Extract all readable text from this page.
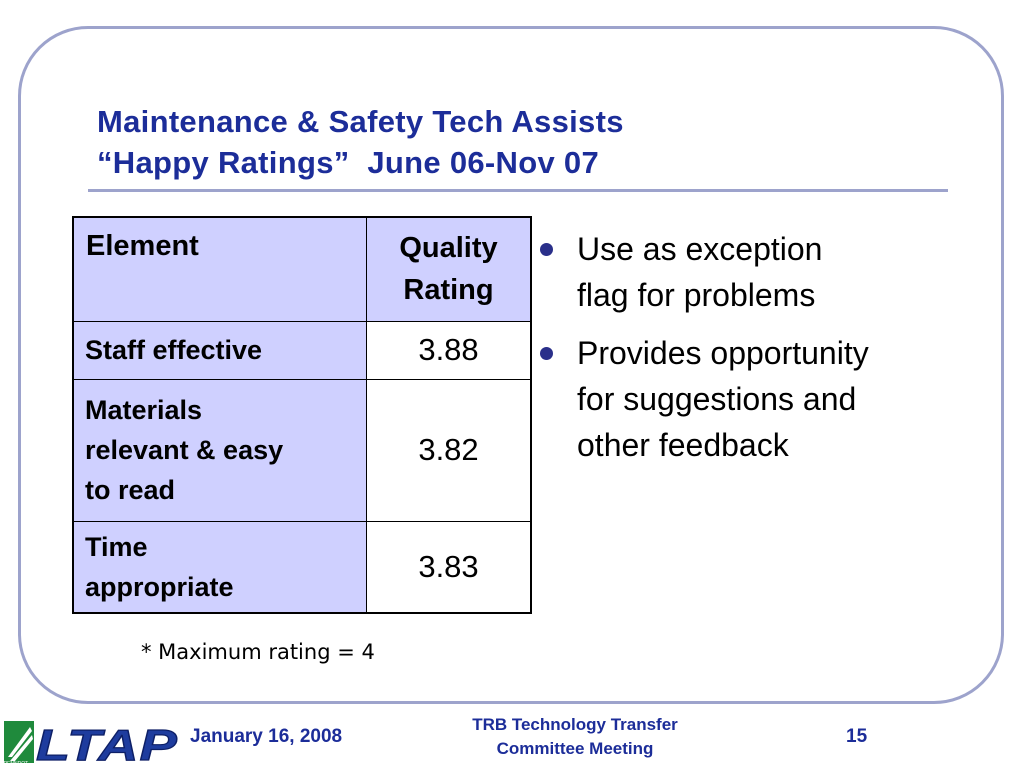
Maintenance & Safety Tech Assists
“Happy Ratings”  June 06-Nov 07
Element	Quality
Rating

Staff effective	3.88

Materials
relevant & easy
to read	3.82

Time
appropriate	3.83
Use as exception
flag for problems
Provides opportunity
for suggestions and
other feedback
* Maximum rating = 4
PENNDOT LTAP January 16, 2008
TRB Technology Transfer
Committee Meeting
15
